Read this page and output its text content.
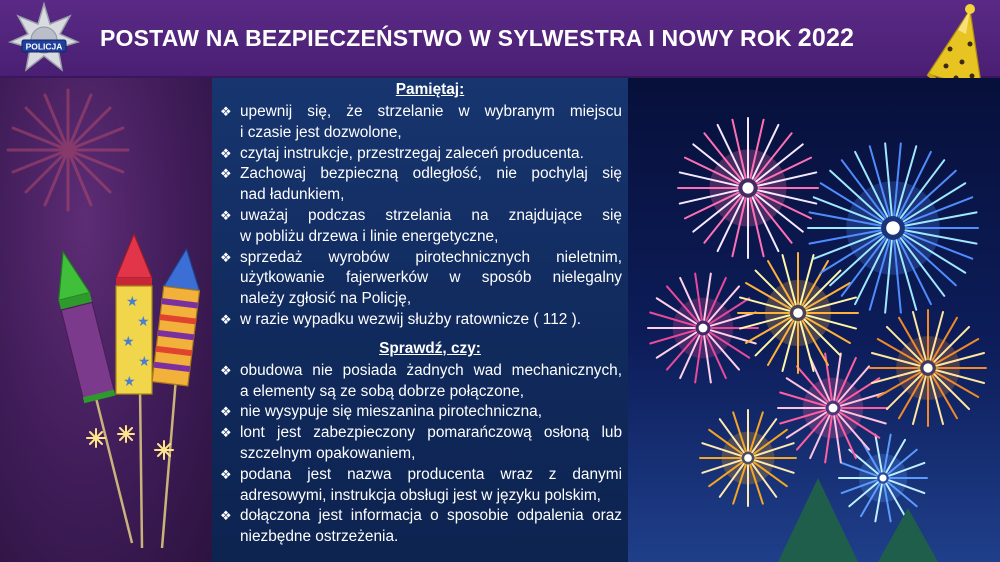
POLICJA POSTAW NA BEZPIECZEŃSTWO W SYLWESTRA I NOWY ROK 2022
★
★
★
★
★
Pamiętaj:
❖ upewnij się, że strzelanie w wybranym miejscu
i czasie jest dozwolone,
❖ czytaj instrukcje, przestrzegaj zaleceń producenta.
❖ Zachowaj bezpieczną odległość, nie pochylaj się
nad ładunkiem,
❖ uważaj podczas strzelania na znajdujące się
w pobliżu drzewa i linie energetyczne,
❖ sprzedaż wyrobów pirotechnicznych nieletnim,
użytkowanie fajerwerków w sposób nielegalny
należy zgłosić na Policję,
❖ w razie wypadku wezwij służby ratownicze ( 112 ).
Sprawdź, czy:
❖ obudowa nie posiada żadnych wad mechanicznych,
a elementy są ze sobą dobrze połączone,
❖ nie wysypuje się mieszanina pirotechniczna,
❖ lont jest zabezpieczony pomarańczową osłoną lub
szczelnym opakowaniem,
❖ podana jest nazwa producenta wraz z danymi
adresowymi, instrukcja obsługi jest w języku polskim,
❖ dołączona jest informacja o sposobie odpalenia oraz
niezbędne ostrzeżenia.
